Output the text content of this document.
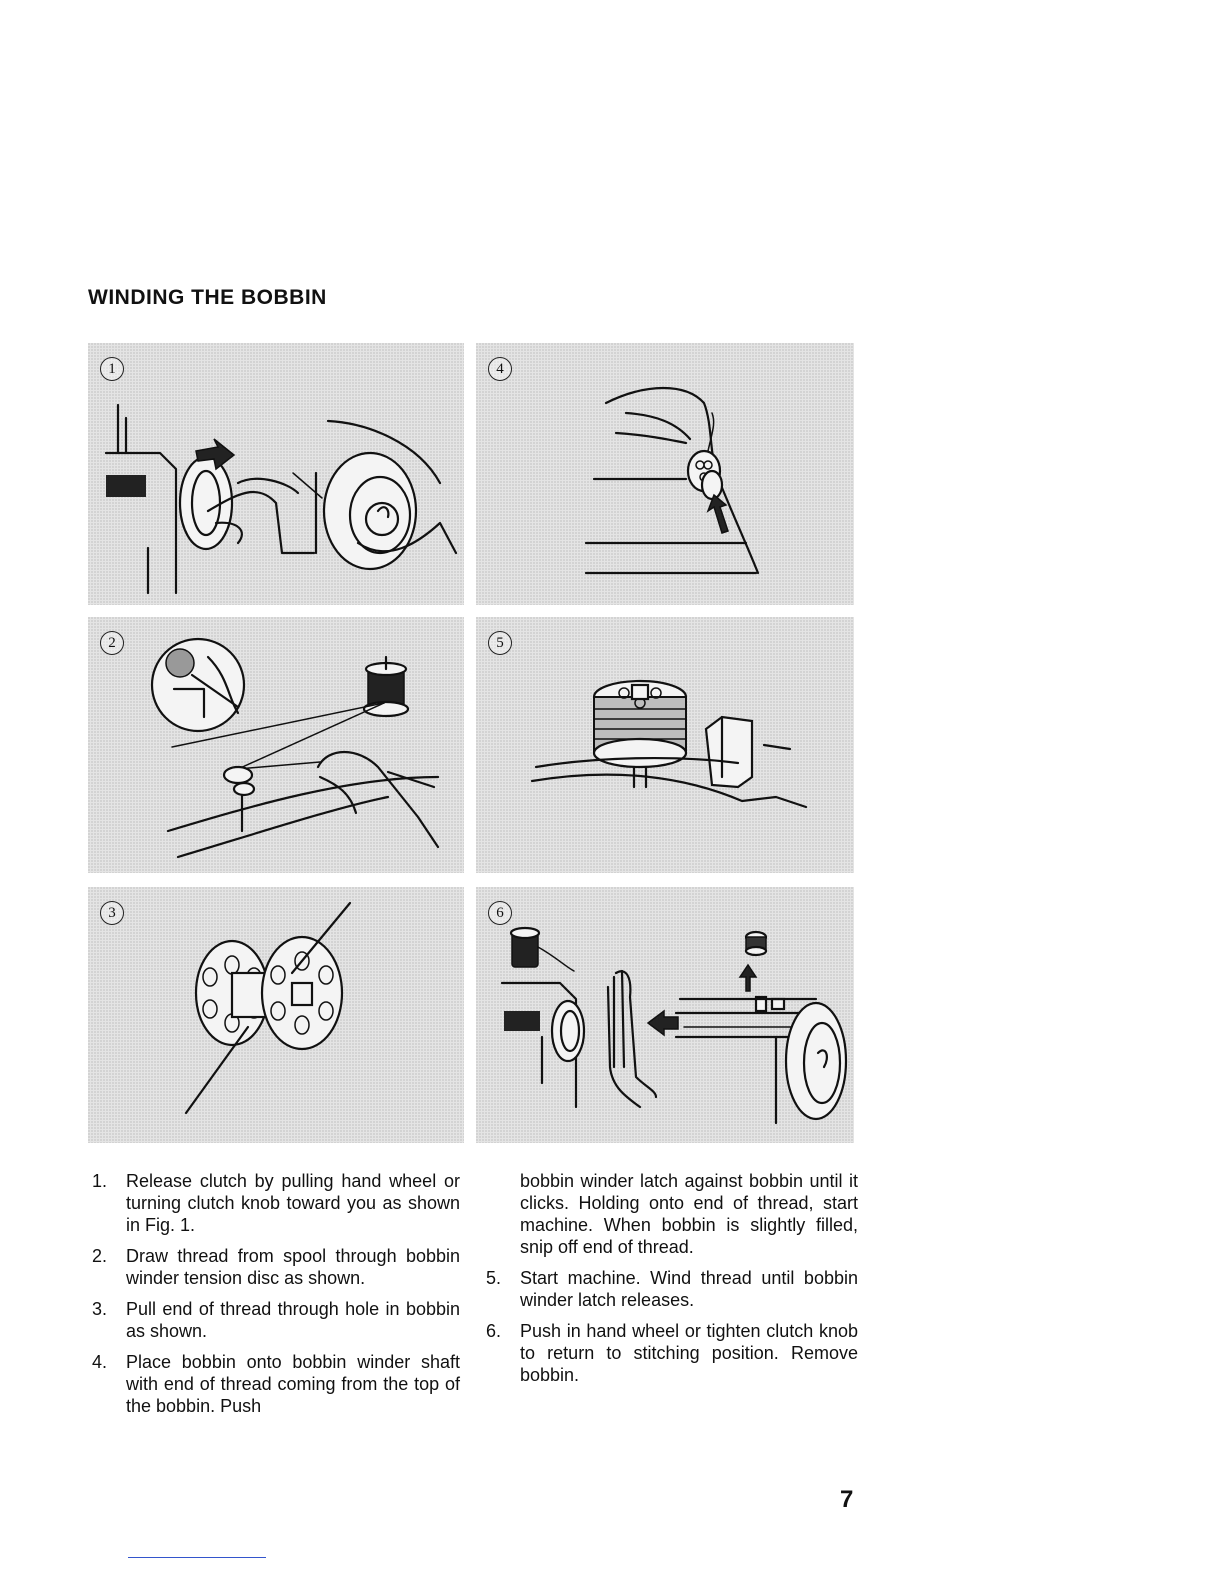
WINDING THE BOBBIN
1	4
2	5
3	6
1.	Release clutch by pulling hand wheel or turning clutch knob toward you as shown in Fig. 1.
2.	Draw thread from spool through bobbin winder tension disc as shown.
3.	Pull end of thread through hole in bobbin as shown.
4.	Place bobbin onto bobbin winder shaft with end of thread coming from the top of the bobbin. Push
bobbin winder latch against bobbin until it clicks. Holding onto end of thread, start machine. When bobbin is slightly filled, snip off end of thread.
5.	Start machine. Wind thread until bobbin winder latch releases.
6.	Push in hand wheel or tighten clutch knob to return to stitching position. Remove bobbin.
7
